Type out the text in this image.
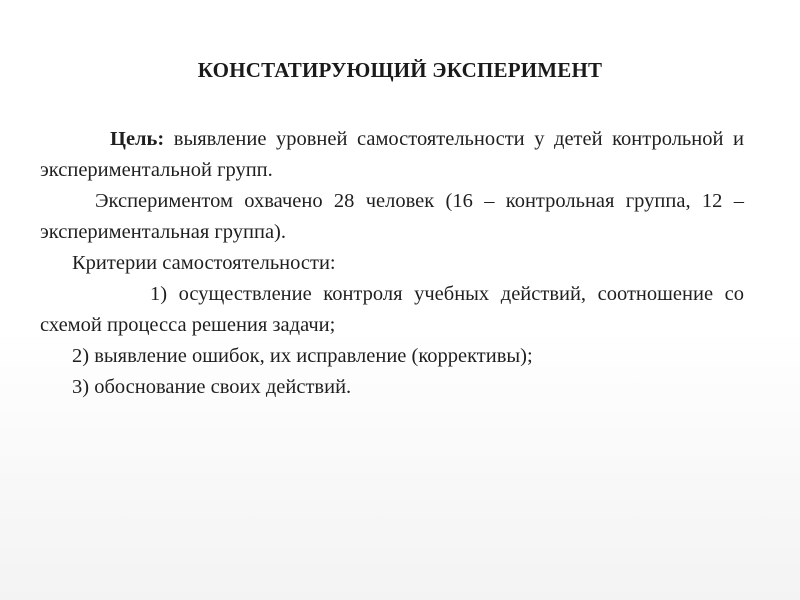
КОНСТАТИРУЮЩИЙ ЭКСПЕРИМЕНТ

Цель: выявление уровней самостоятельности у детей контрольной и экспериментальной групп.

Экспериментом охвачено 28 человек (16 – контрольная группа, 12 – экспериментальная группа).

Критерии самостоятельности:

1) осуществление контроля учебных действий, соотношение со схемой процесса решения задачи;

2) выявление ошибок, их исправление (коррективы);

3) обоснование своих действий.
